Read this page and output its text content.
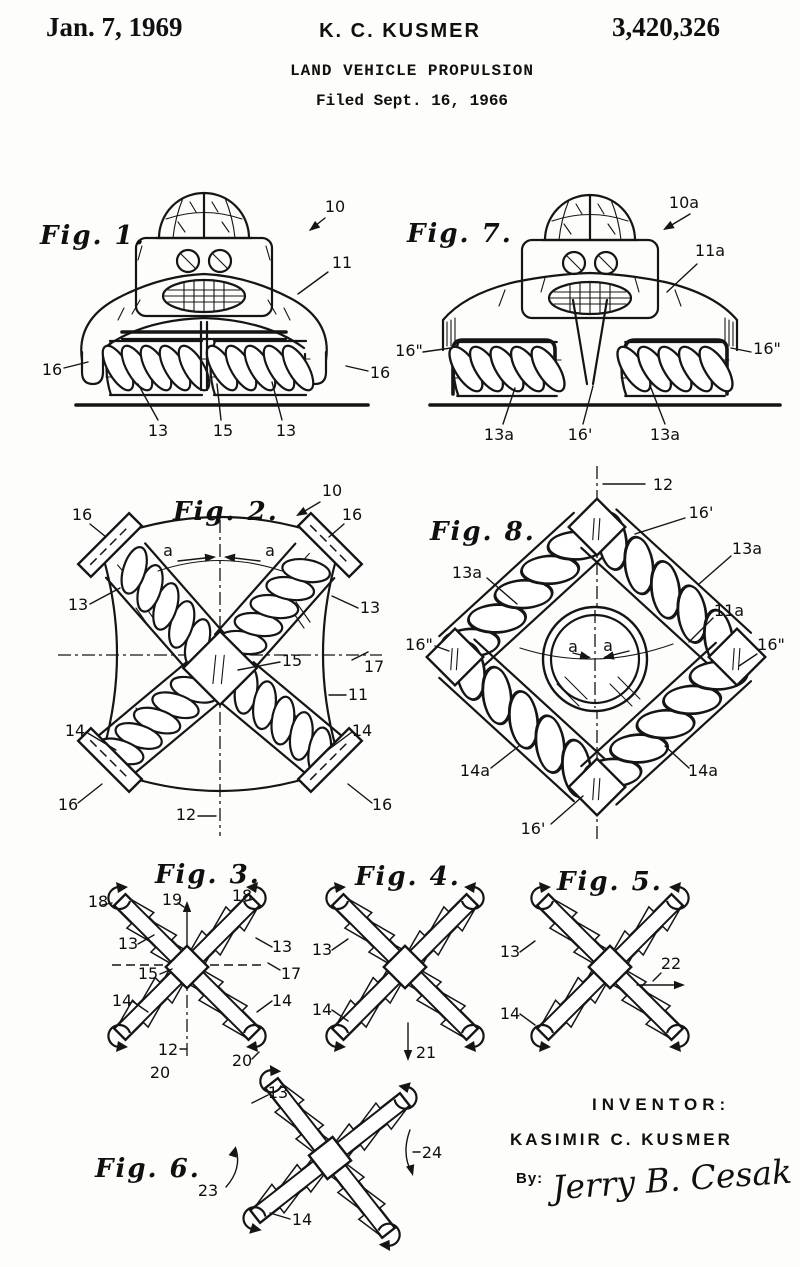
Jan. 7, 1969	K. C. KUSMER	3,420,326
LAND VEHICLE PROPULSION
Filed Sept. 16, 1966
Fig. 1.
10
11
16	16
13	15	13
Fig. 7.
10a
11a
16"	16"
13a	16'	13a
Fig. 2.
10
16	16
a	a
13	13
15	17
11
14	14
16	16
12
Fig. 8.
12
16'
13a
13a
11a
16"	16"
a a
14a	14a
16'
Fig. 3.
18	19	18
13	13
15	17
14	14
12
20
20
Fig. 4.
13
14
21
Fig. 5.
13
14
22
Fig. 6.
13
23
24
14
INVENTOR:
KASIMIR C. KUSMER
By: Jerry B. Cesak
